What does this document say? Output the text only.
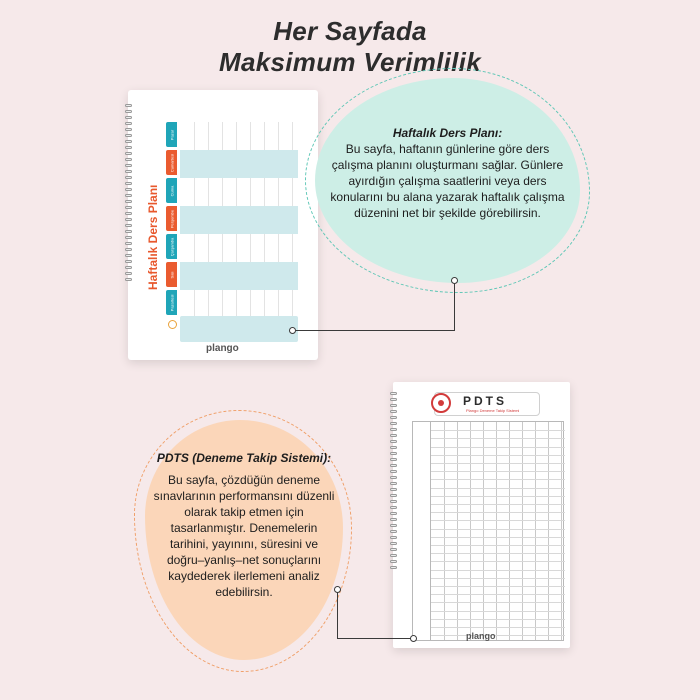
Her Sayfada
Maksimum Verimlilik
Haftalık Ders Planı
Pazar
Cumartesi
Cuma
Perşembe
Çarşamba
Salı
Pazartesi
plango
Haftalık Ders Planı:
Bu sayfa, haftanın günlerine göre ders çalışma planını oluşturmanı sağlar. Günlere ayırdığın çalışma saatlerini veya ders konularını bu alana yazarak haftalık çalışma düzenini net bir şekilde görebilirsin.
PDTS
Plango Deneme Takip Sistemi
plango
PDTS (Deneme Takip Sistemi):
Bu sayfa, çözdüğün deneme sınavlarının performansını düzenli olarak takip etmen için tasarlanmıştır. Denemelerin tarihini, yayınını, süresini ve doğru–yanlış–net sonuçlarını kaydederek ilerlemeni analiz edebilirsin.
